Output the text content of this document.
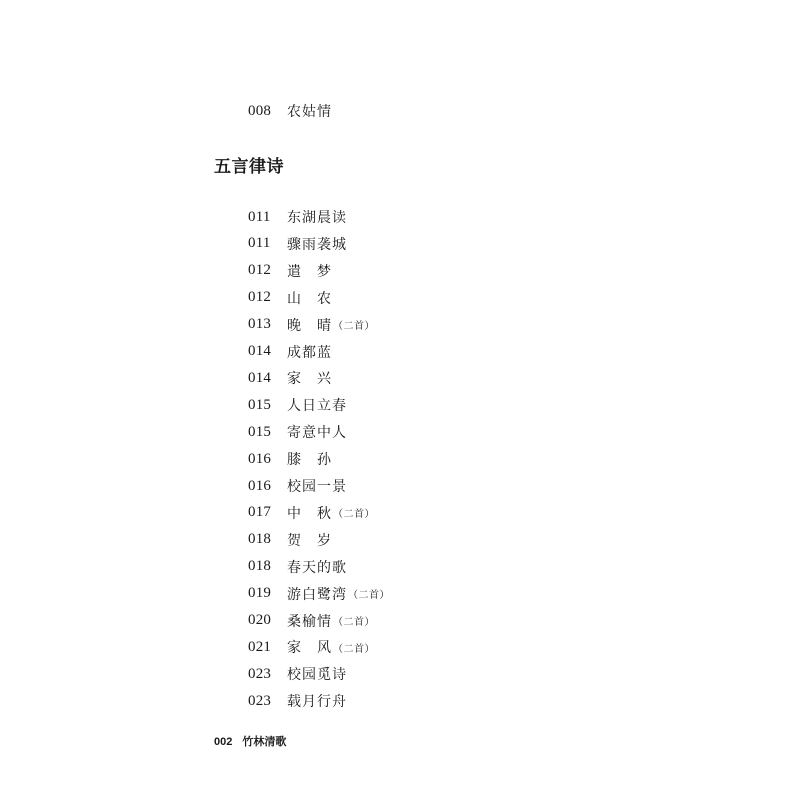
008	农姑情
五言律诗
011	东湖晨读
011	骤雨袭城
012	遣　梦
012	山　农
013	晚　晴 （二首）
014	成都蓝
014	家　兴
015	人日立春
015	寄意中人
016	膝　孙
016	校园一景
017	中　秋 （二首）
018	贺　岁
018	春天的歌
019	游白鹭湾 （二首）
020	桑榆情 （二首）
021	家　风 （二首）
023	校园觅诗
023	载月行舟
002 竹林清歌
